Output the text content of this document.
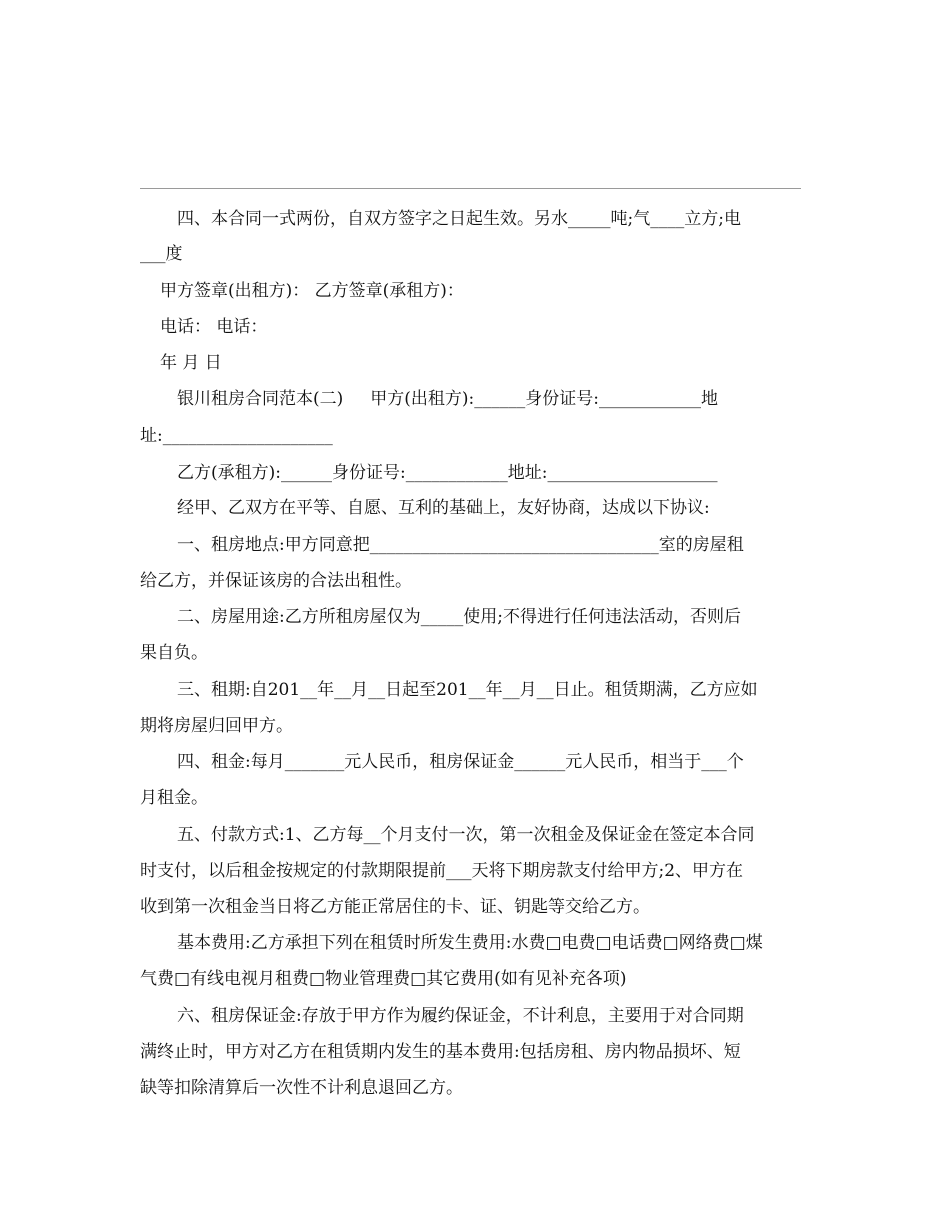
四、本合同一式两份，自双方签字之日起生效。另水_____吨;气____立方;电
___度
甲方签章(出租方)： 乙方签章(承租方)：
电话： 电话：
年 月 日
银川租房合同范本(二)     甲方(出租方):______身份证号:____________地
址:____________________
乙方(承租方):______身份证号:____________地址:____________________
经甲、乙双方在平等、自愿、互利的基础上，友好协商，达成以下协议:
一、租房地点:甲方同意把__________________________________室的房屋租
给乙方，并保证该房的合法出租性。
二、房屋用途:乙方所租房屋仅为_____使用;不得进行任何违法活动，否则后
果自负。
三、租期:自201__年__月__日起至201__年__月__日止。租赁期满，乙方应如
期将房屋归回甲方。
四、租金:每月_______元人民币，租房保证金______元人民币，相当于___个
月租金。
五、付款方式:1、乙方每__个月支付一次，第一次租金及保证金在签定本合同
时支付，以后租金按规定的付款期限提前___天将下期房款支付给甲方;2、甲方在
收到第一次租金当日将乙方能正常居住的卡、证、钥匙等交给乙方。
基本费用:乙方承担下列在租赁时所发生费用:水费□电费□电话费□网络费□煤
气费□有线电视月租费□物业管理费□其它费用(如有见补充各项)
六、租房保证金:存放于甲方作为履约保证金，不计利息，主要用于对合同期
满终止时，甲方对乙方在租赁期内发生的基本费用:包括房租、房内物品损坏、短
缺等扣除清算后一次性不计利息退回乙方。
